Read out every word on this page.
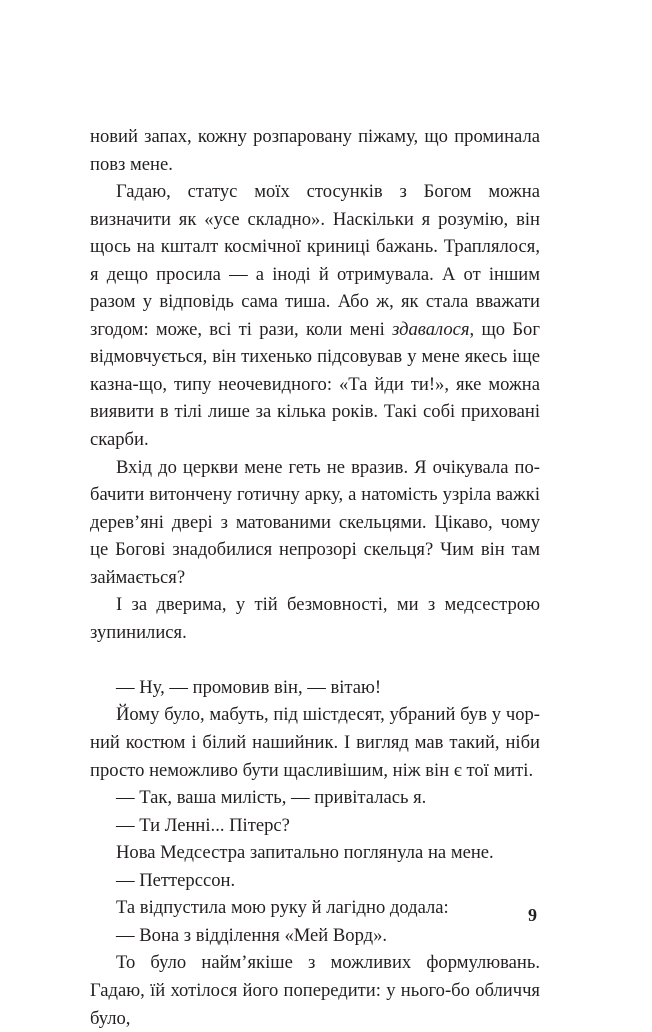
новий запах, кожну розпаровану піжаму, що проминала повз мене.

Гадаю, статус моїх стосунків з Богом можна визначити як «усе складно». Наскільки я розумію, він щось на кшталт космічної криниці бажань. Траплялося, я дещо просила — а іноді й отримувала. А от іншим разом у відповідь сама тиша. Або ж, як стала вважати згодом: може, всі ті рази, коли мені здавалося, що Бог відмовчується, він тихенько підсовував у мене якесь іще казна-що, типу неочевидного: «Та йди ти!», яке можна виявити в тілі лише за кілька років. Такі собі приховані скарби.

Вхід до церкви мене геть не вразив. Я очікувала побачити витончену готичну арку, а натомість узріла важкі дерев’яні двері з матованими скельцями. Цікаво, чому це Богові знадобилися непрозорі скельця? Чим він там займається?

І за дверима, у тій безмовності, ми з медсестрою зупинилися.

— Ну, — промовив він, — вітаю!

Йому було, мабуть, під шістдесят, убраний був у чорний костюм і білий нашийник. І вигляд мав такий, ніби просто неможливо бути щасливішим, ніж він є тої миті.

— Так, ваша милість, — привіталась я.

— Ти Ленні... Пітерс?

Нова Медсестра запитально поглянула на мене.

— Петтерссон.

Та відпустила мою руку й лагідно додала:

— Вона з відділення «Мей Ворд».

То було найм’якіше з можливих формулювань. Гадаю, їй хотілося його попередити: у нього-бо обличчя було,

9
